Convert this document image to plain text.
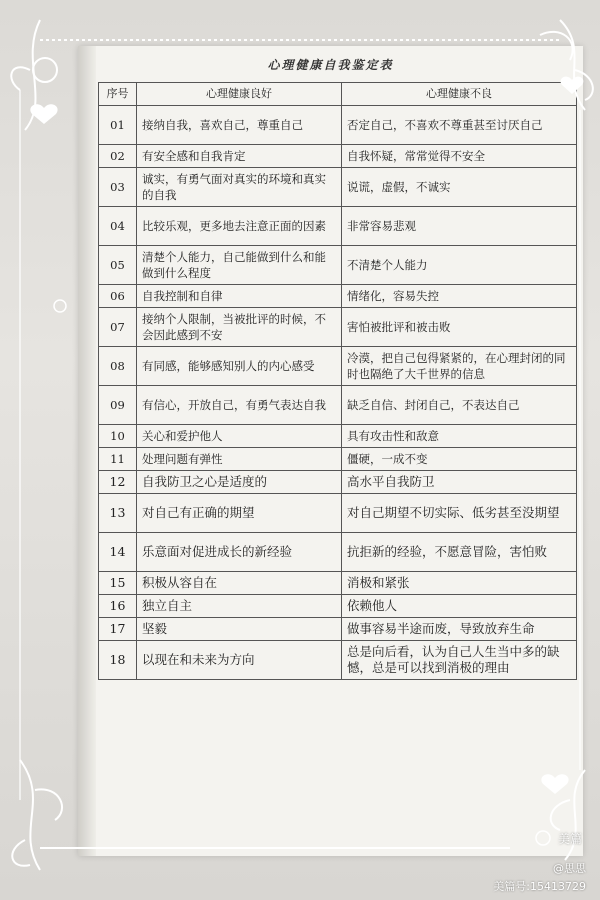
心理健康自我鉴定表
序号	心理健康良好	心理健康不良
01	接纳自我，喜欢自己，尊重自己	否定自己，不喜欢不尊重甚至讨厌自己
02	有安全感和自我肯定	自我怀疑，常常觉得不安全
03	诚实，有勇气面对真实的环境和真实的自我	说谎，虚假，不诚实
04	比较乐观，更多地去注意正面的因素	非常容易悲观
05	清楚个人能力，自己能做到什么和能做到什么程度	不清楚个人能力
06	自我控制和自律	情绪化，容易失控
07	接纳个人限制，当被批评的时候，不会因此感到不安	害怕被批评和被击败
08	有同感，能够感知别人的内心感受	冷漠，把自己包得紧紧的，在心理封闭的同时也隔绝了大千世界的信息
09	有信心，开放自己，有勇气表达自我	缺乏自信、封闭自己，不表达自己
10	关心和爱护他人	具有攻击性和敌意
11	处理问题有弹性	僵硬，一成不变
12	自我防卫之心是适度的	高水平自我防卫
13	对自己有正确的期望	对自己期望不切实际、低劣甚至没期望
14	乐意面对促进成长的新经验	抗拒新的经验，不愿意冒险，害怕败
15	积极从容自在	消极和紧张
16	独立自主	依赖他人
17	坚毅	做事容易半途而废，导致放弃生命
18	以现在和未来为方向	总是向后看，认为自己人生当中多的缺憾，总是可以找到消极的理由
美篇
@思思
美篇号:15413729
